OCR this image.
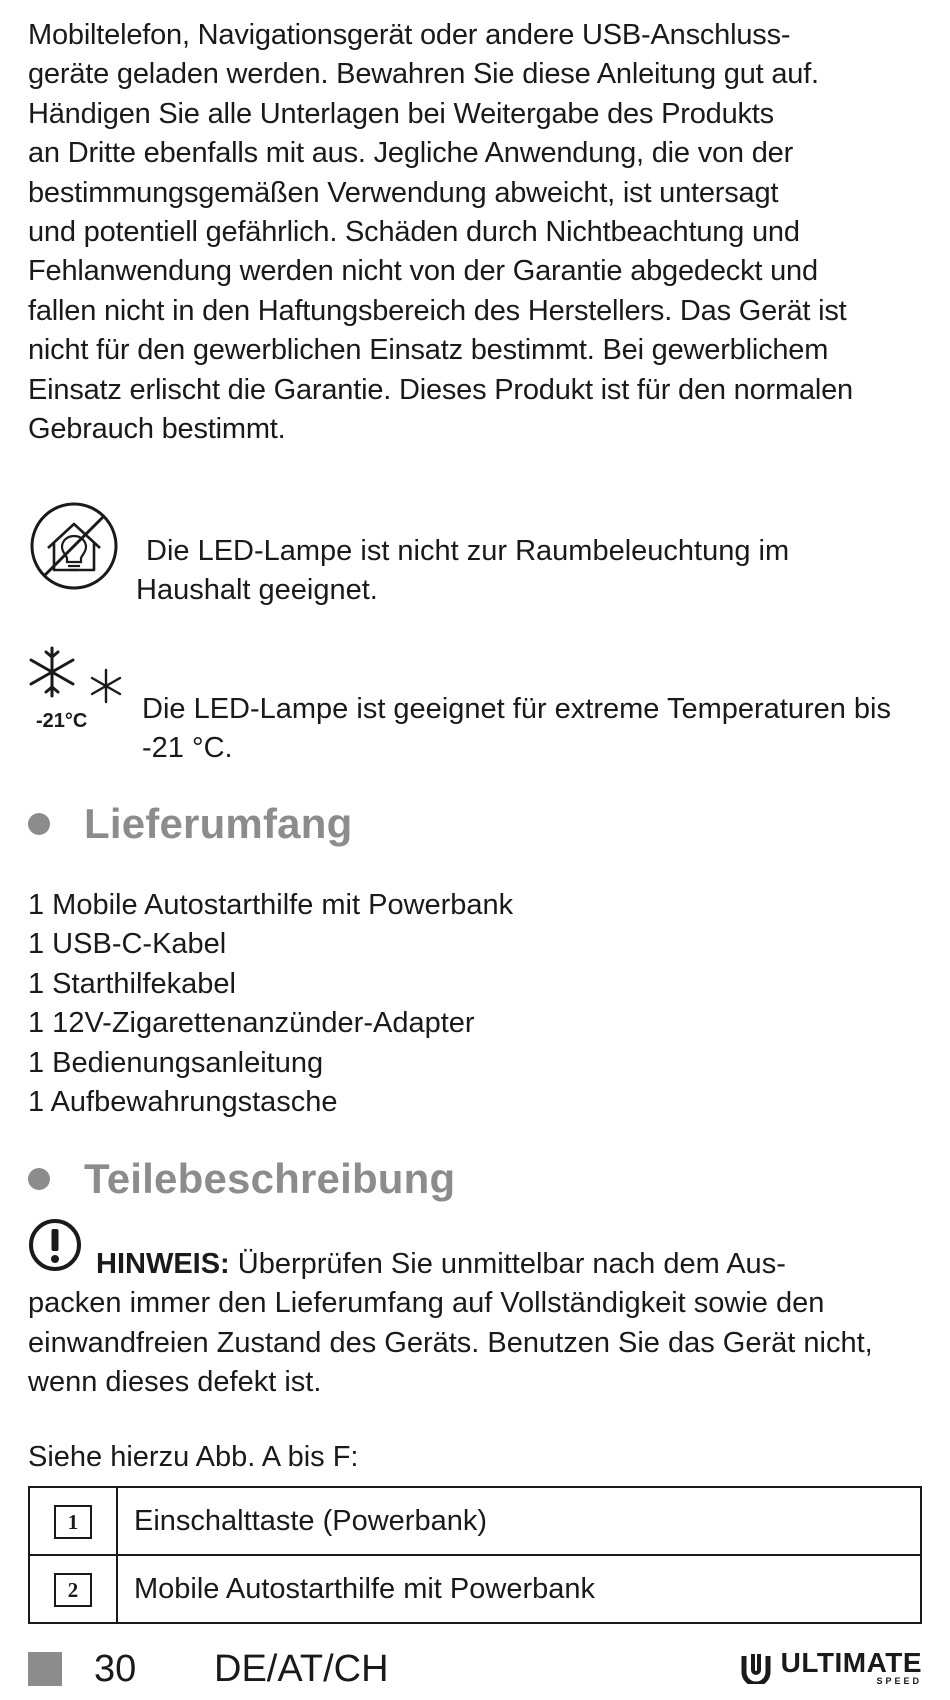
Mobiltelefon, Navigationsgerät oder andere USB-Anschluss-
geräte geladen werden. Bewahren Sie diese Anleitung gut auf.
Händigen Sie alle Unterlagen bei Weitergabe des Produkts
an Dritte ebenfalls mit aus. Jegliche Anwendung, die von der
bestimmungsgemäßen Verwendung abweicht, ist untersagt
und potentiell gefährlich. Schäden durch Nichtbeachtung und
Fehlanwendung werden nicht von der Garantie abgedeckt und
fallen nicht in den Haftungsbereich des Herstellers. Das Gerät ist
nicht für den gewerblichen Einsatz bestimmt. Bei gewerblichem
Einsatz erlischt die Garantie. Dieses Produkt ist für den normalen
Gebrauch bestimmt.
Die LED-Lampe ist nicht zur Raumbeleuchtung im
Haushalt geeignet.
-21°C Die LED-Lampe ist geeignet für extreme Temperaturen bis
-21 °C.
Lieferumfang
1 Mobile Autostarthilfe mit Powerbank
1 USB-C-Kabel
1 Starthilfekabel
1 12V-Zigarettenanzünder-Adapter
1 Bedienungsanleitung
1 Aufbewahrungstasche
Teilebeschreibung
HINWEIS: Überprüfen Sie unmittelbar nach dem Aus-
packen immer den Lieferumfang auf Vollständigkeit sowie den
einwandfreien Zustand des Geräts. Benutzen Sie das Gerät nicht,
wenn dieses defekt ist.
Siehe hierzu Abb. A bis F:
1	Einschalttaste (Powerbank)
2	Mobile Autostarthilfe mit Powerbank
30 DE/AT/CH	ULTIMATE
SPEED
